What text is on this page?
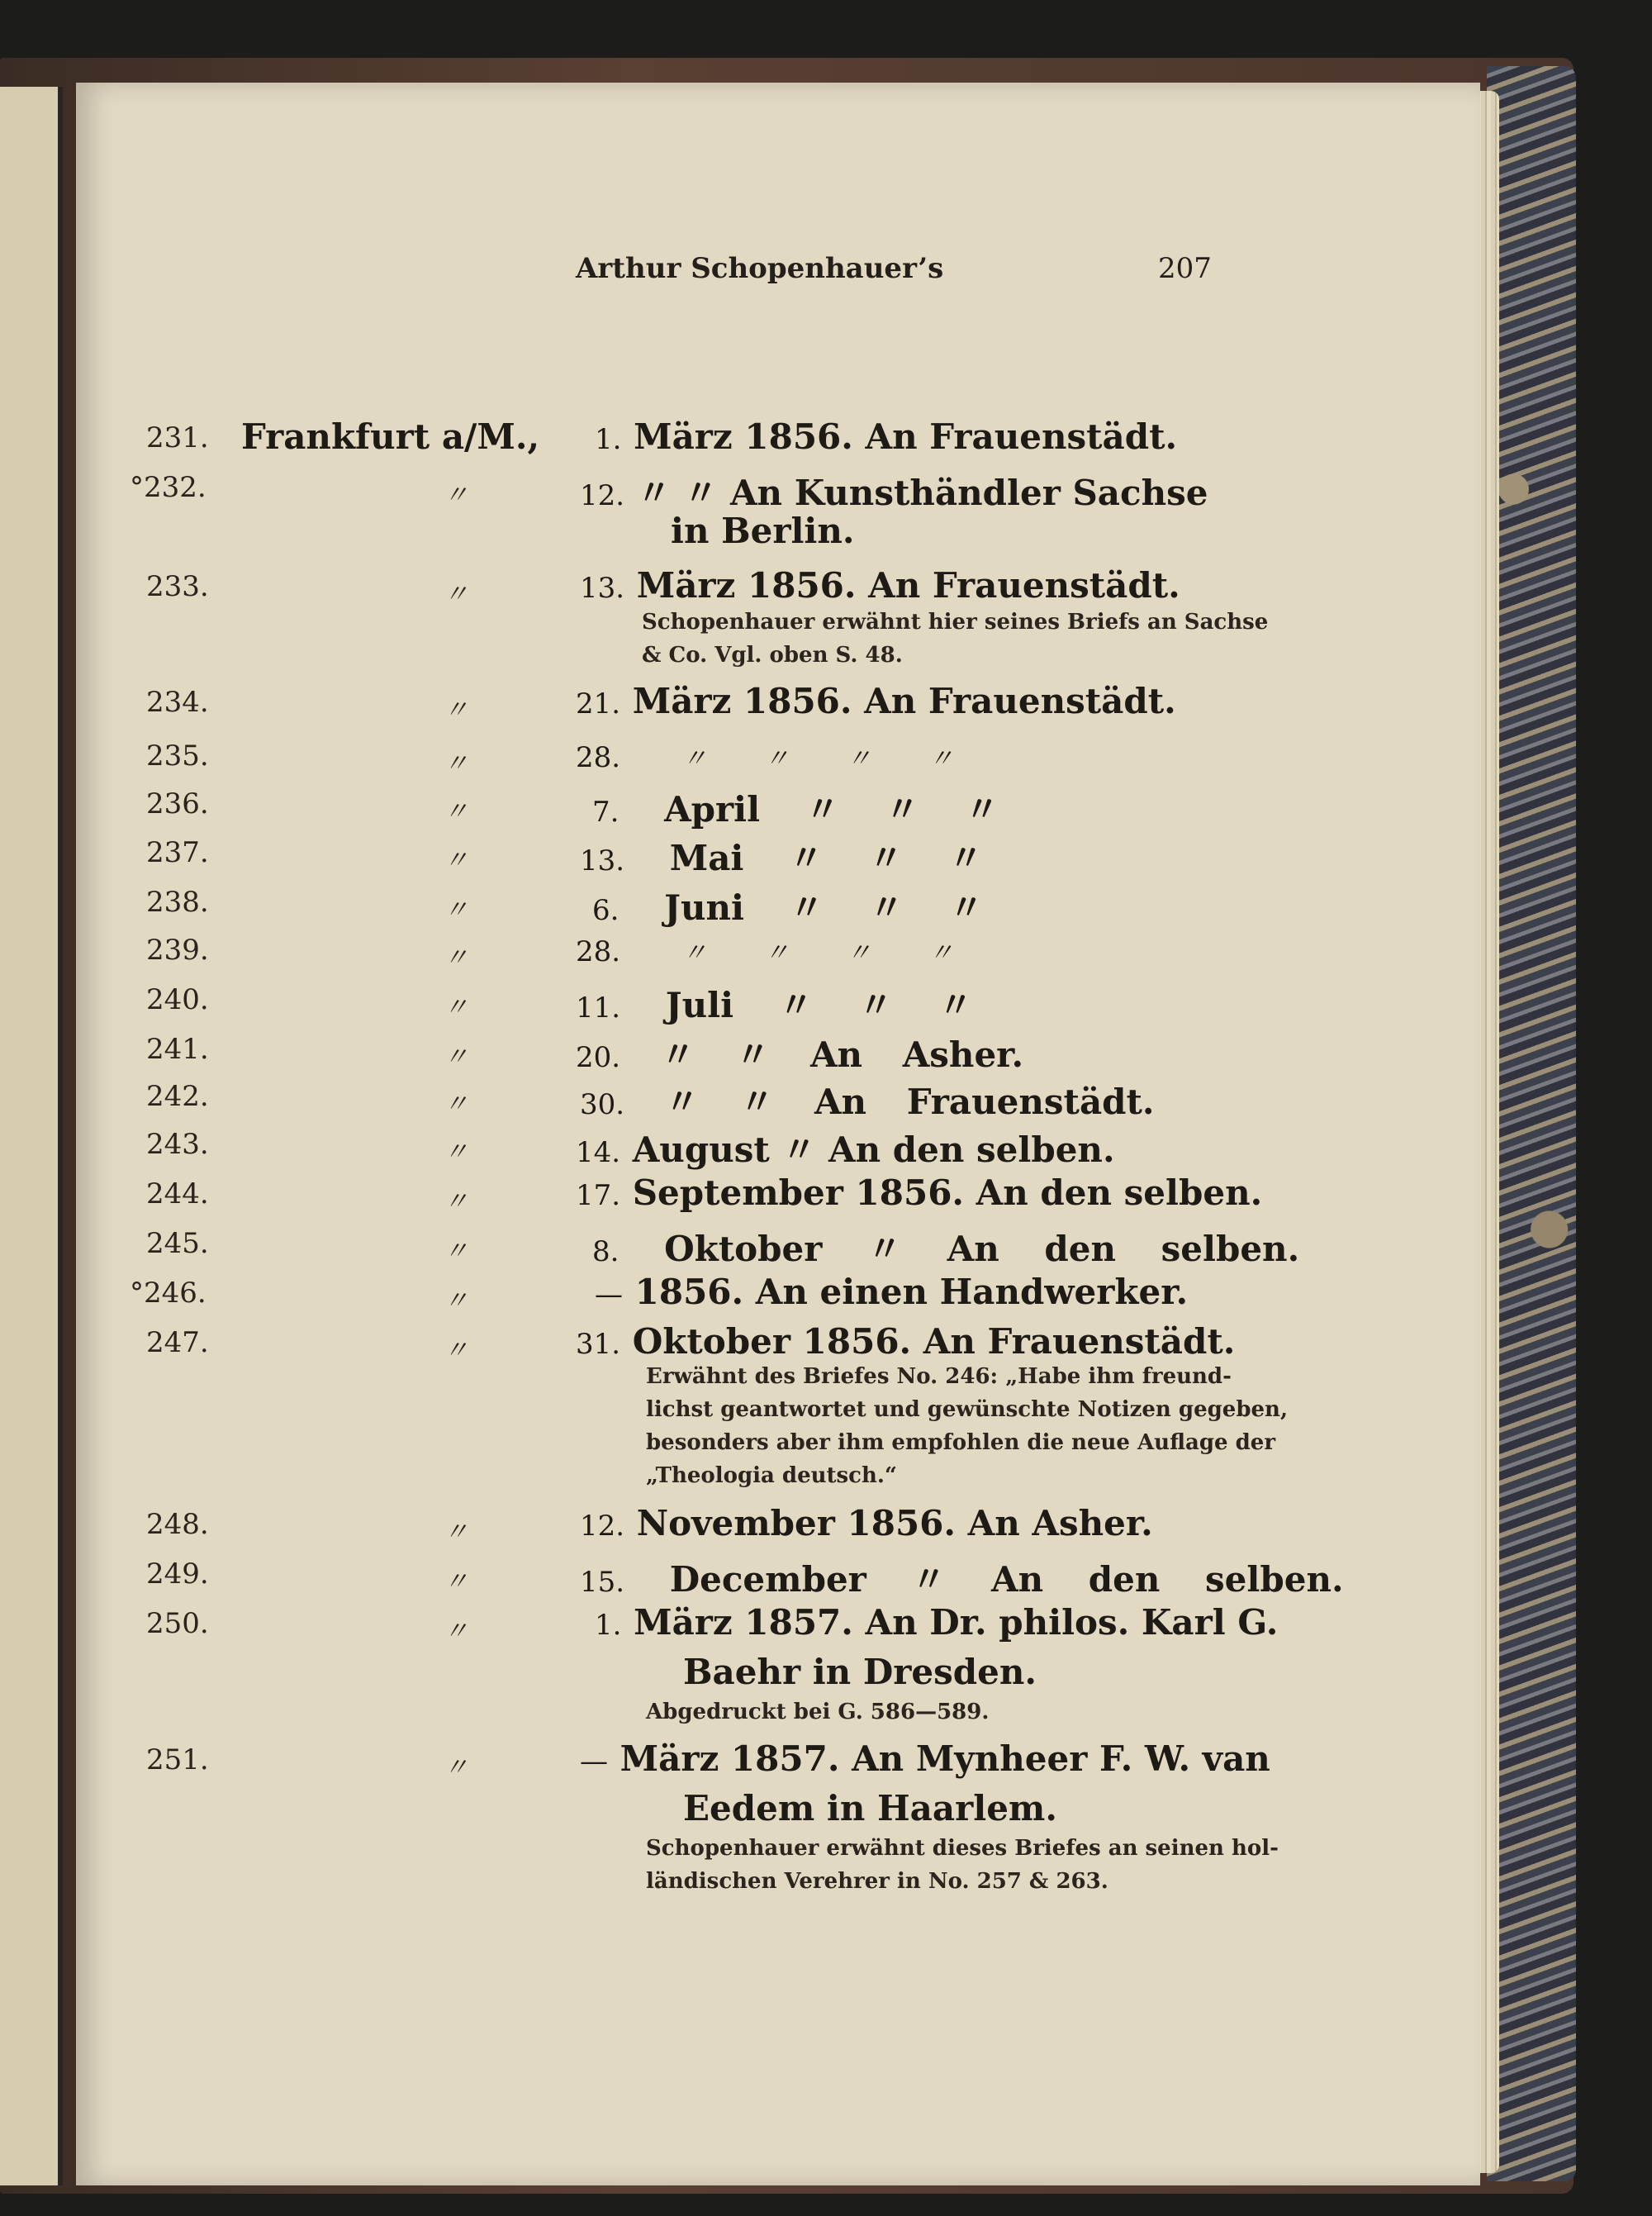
Arthur Schopenhauer’s	207
231. Frankfurt a/M., 1. März 1856. An Frauenstädt.
°232.	〃	12. 〃 〃 An Kunsthändler Sachse
in Berlin.
233.	〃	13. März 1856. An Frauenstädt.
Schopenhauer erwähnt hier seines Briefs an Sachse
& Co. Vgl. oben S. 48.
234.	〃	21. März 1856. An Frauenstädt.
235.	〃	28. 〃 〃 〃 〃
236.	〃	7. April 〃 〃 〃
237.	〃	13. Mai 〃 〃 〃
238.	〃	6. Juni 〃 〃 〃
239.	〃	28. 〃 〃 〃 〃
240.	〃	11. Juli 〃 〃 〃
241.	〃	20. 〃 〃 An Asher.
242.	〃	30. 〃 〃 An Frauenstädt.
243.	〃	14. August 〃 An den selben.
244.	〃	17. September 1856. An den selben.
245.	〃	8. Oktober 〃 An den selben.
°246.	〃	— 1856. An einen Handwerker.
247.	〃	31. Oktober 1856. An Frauenstädt.
Erwähnt des Briefes No. 246: „Habe ihm freund-
lichst geantwortet und gewünschte Notizen gegeben,
besonders aber ihm empfohlen die neue Auflage der
„Theologia deutsch.“
248.	〃	12. November 1856. An Asher.
249.	〃	15. December 〃 An den selben.
250.	〃	1. März 1857. An Dr. philos. Karl G.
Baehr in Dresden.
Abgedruckt bei G. 586—589.
251.	〃	— März 1857. An Mynheer F. W. van
Eedem in Haarlem.
Schopenhauer erwähnt dieses Briefes an seinen hol-
ländischen Verehrer in No. 257 & 263.
